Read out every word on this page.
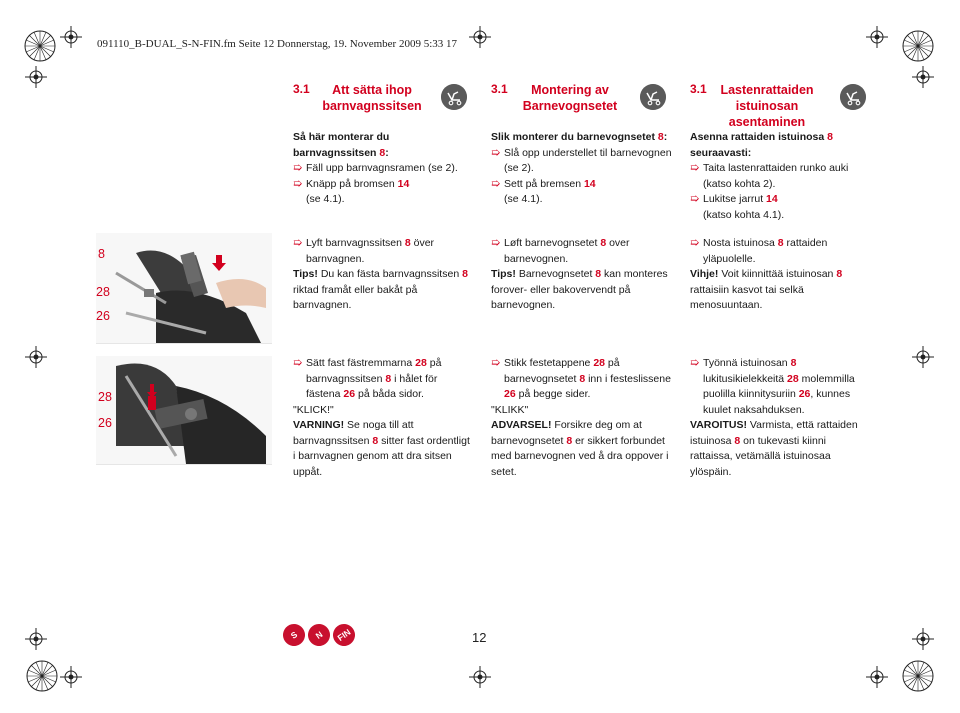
091110_B-DUAL_S-N-FIN.fm Seite 12 Donnerstag, 19. November 2009 5:33 17
3.1	Att sätta ihop
barnvagnssitsen
3.1	Montering av
Barnevognsetet
3.1	Lastenrattaiden
istuinosan
asentaminen
Så här monterar du barnvagnssitsen 8:
➯ Fäll upp barnvagnsramen (se 2).
➯ Knäpp på bromsen 14
(se 4.1).
Slik monterer du barnevognsetet 8:
➯ Slå opp understellet til barnevognen (se 2).
➯ Sett på bremsen 14
(se 4.1).
Asenna rattaiden istuinosa 8 seuraavasti:
➯ Taita lastenrattaiden runko auki (katso kohta 2).
➯ Lukitse jarrut 14
(katso kohta 4.1).
8
28
26
➯ Lyft barnvagnssitsen 8 över barnvagnen.
Tips! Du kan fästa barnvagnssitsen 8 riktad framåt eller bakåt på barnvagnen.
➯ Løft barnevognsetet 8 over barnevognen.
Tips! Barnevognsetet 8 kan monteres forover- eller bakovervendt på barnevognen.
➯ Nosta istuinosa 8 rattaiden yläpuolelle.
Vihje! Voit kiinnittää istuinosan 8 rattaisiin kasvot tai selkä menosuuntaan.
28
26
➯ Sätt fast fästremmarna 28 på barnvagnssitsen 8 i hålet för fästena 26 på båda sidor.
"KLICK!"
VARNING! Se noga till att barnvagnssitsen 8 sitter fast ordentligt i barnvagnen genom att dra sitsen uppåt.
➯ Stikk festetappene 28 på barnevognsetet 8 inn i festeslissene 26 på begge sider.
"KLIKK"
ADVARSEL! Forsikre deg om at barnevognsetet 8 er sikkert forbundet med barnevognen ved å dra oppover i setet.
➯ Työnnä istuinosan 8 lukitusikielekkeitä 28 molemmilla puolilla kiinnitysuriin 26, kunnes kuulet naksahduksen.
VAROITUS! Varmista, että rattaiden istuinosa 8 on tukevasti kiinni rattaissa, vetämällä istuinosaa ylöspäin.
S	N	FIN	12
